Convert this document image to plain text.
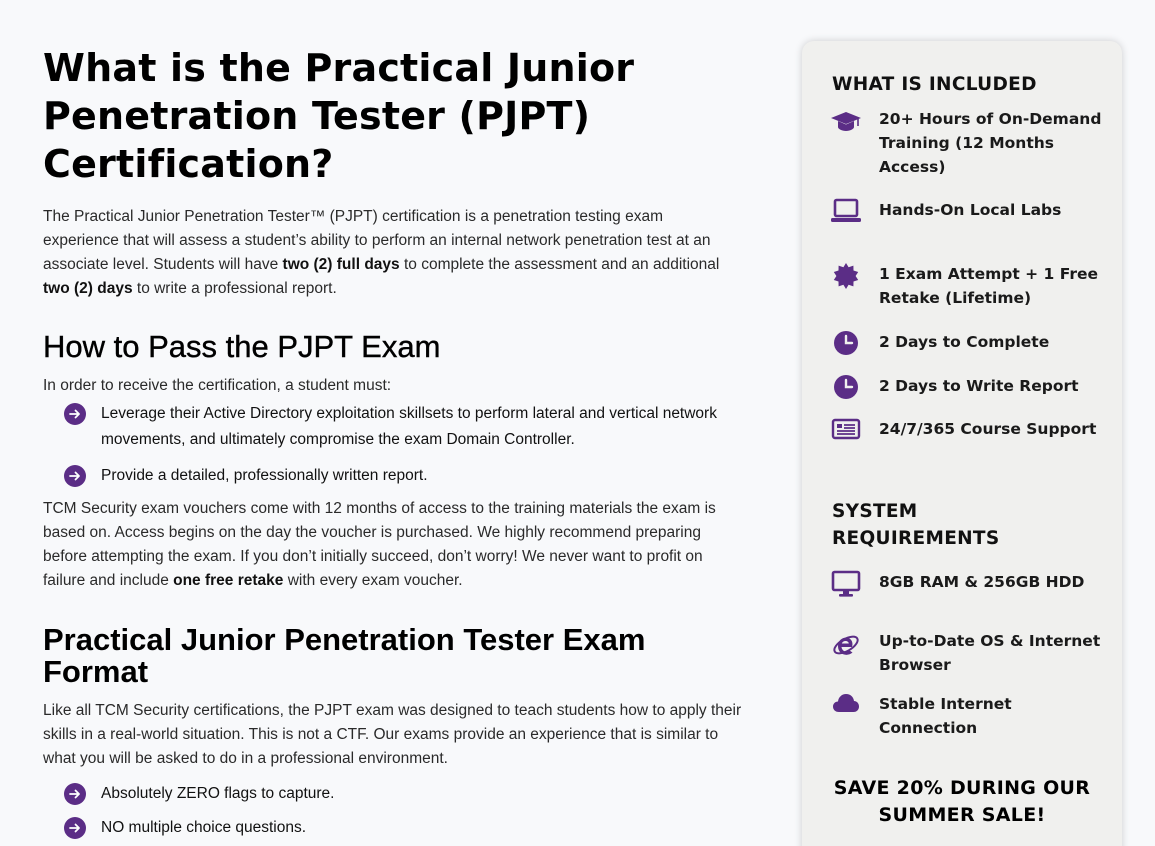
What is the Practical Junior Penetration Tester (PJPT) Certification?

The Practical Junior Penetration Tester™ (PJPT) certification is a penetration testing exam experience that will assess a student’s ability to perform an internal network penetration test at an associate level. Students will have two (2) full days to complete the assessment and an additional two (2) days to write a professional report.

How to Pass the PJPT Exam

In order to receive the certification, a student must:

Leverage their Active Directory exploitation skillsets to perform lateral and vertical network movements, and ultimately compromise the exam Domain Controller.
Provide a detailed, professionally written report.

TCM Security exam vouchers come with 12 months of access to the training materials the exam is based on. Access begins on the day the voucher is purchased. We highly recommend preparing before attempting the exam. If you don’t initially succeed, don’t worry! We never want to profit on failure and include one free retake with every exam voucher.

Practical Junior Penetration Tester Exam Format

Like all TCM Security certifications, the PJPT exam was designed to teach students how to apply their skills in a real-world situation. This is not a CTF. Our exams provide an experience that is similar to what you will be asked to do in a professional environment.

Absolutely ZERO flags to capture.
NO multiple choice questions.
WHAT IS INCLUDED
20+ Hours of On-Demand Training (12 Months Access)
Hands-On Local Labs
1 Exam Attempt + 1 Free Retake (Lifetime)
2 Days to Complete
2 Days to Write Report
24/7/365 Course Support
SYSTEM REQUIREMENTS
8GB RAM & 256GB HDD
Up-to-Date OS & Internet Browser
Stable Internet Connection
SAVE 20% DURING OUR SUMMER SALE!
